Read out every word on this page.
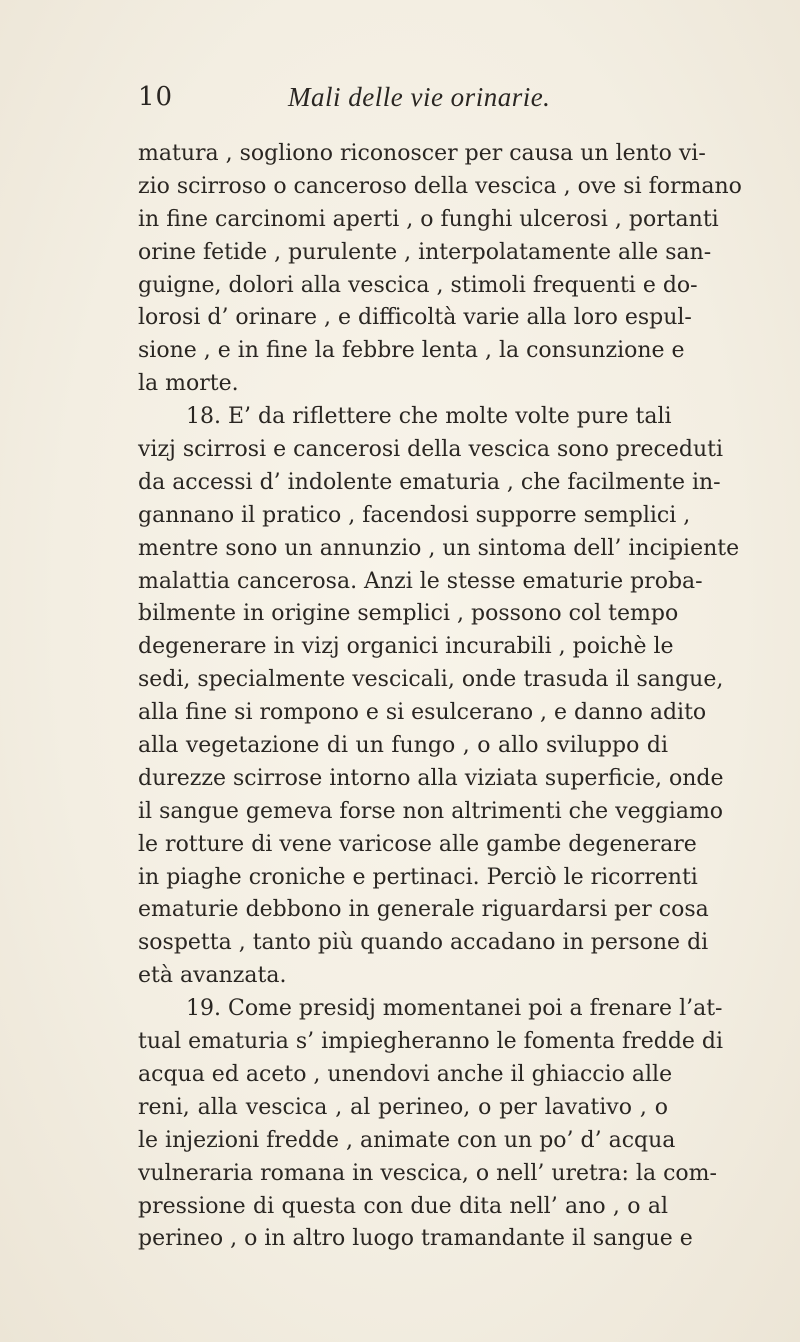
10	Mali delle vie orinarie.
matura , sogliono riconoscer per causa un lento vi-
zio scirroso o canceroso della vescica , ove si formano
in fine carcinomi aperti , o funghi ulcerosi , portanti
orine fetide , purulente , interpolatamente alle san-
guigne, dolori alla vescica , stimoli frequenti e do-
lorosi d’ orinare , e difficoltà varie alla loro espul-
sione , e in fine la febbre lenta , la consunzione e
la morte.
18. E’ da riflettere che molte volte pure tali
vizj scirrosi e cancerosi della vescica sono preceduti
da accessi d’ indolente ematuria , che facilmente in-
gannano il pratico , facendosi supporre semplici ,
mentre sono un annunzio , un sintoma dell’ incipiente
malattia cancerosa. Anzi le stesse ematurie proba-
bilmente in origine semplici , possono col tempo
degenerare in vizj organici incurabili , poichè le
sedi, specialmente vescicali, onde trasuda il sangue,
alla fine si rompono e si esulcerano , e danno adito
alla vegetazione di un fungo , o allo sviluppo di
durezze scirrose intorno alla viziata superficie, onde
il sangue gemeva forse non altrimenti che veggiamo
le rotture di vene varicose alle gambe degenerare
in piaghe croniche e pertinaci. Perciò le ricorrenti
ematurie debbono in generale riguardarsi per cosa
sospetta , tanto più quando accadano in persone di
età avanzata.
19. Come presidj momentanei poi a frenare l’at-
tual ematuria s’ impiegheranno le fomenta fredde di
acqua ed aceto , unendovi anche il ghiaccio alle
reni, alla vescica , al perineo, o per lavativo , o
le injezioni fredde , animate con un po’ d’ acqua
vulneraria romana in vescica, o nell’ uretra: la com-
pressione di questa con due dita nell’ ano , o al
perineo , o in altro luogo tramandante il sangue e
